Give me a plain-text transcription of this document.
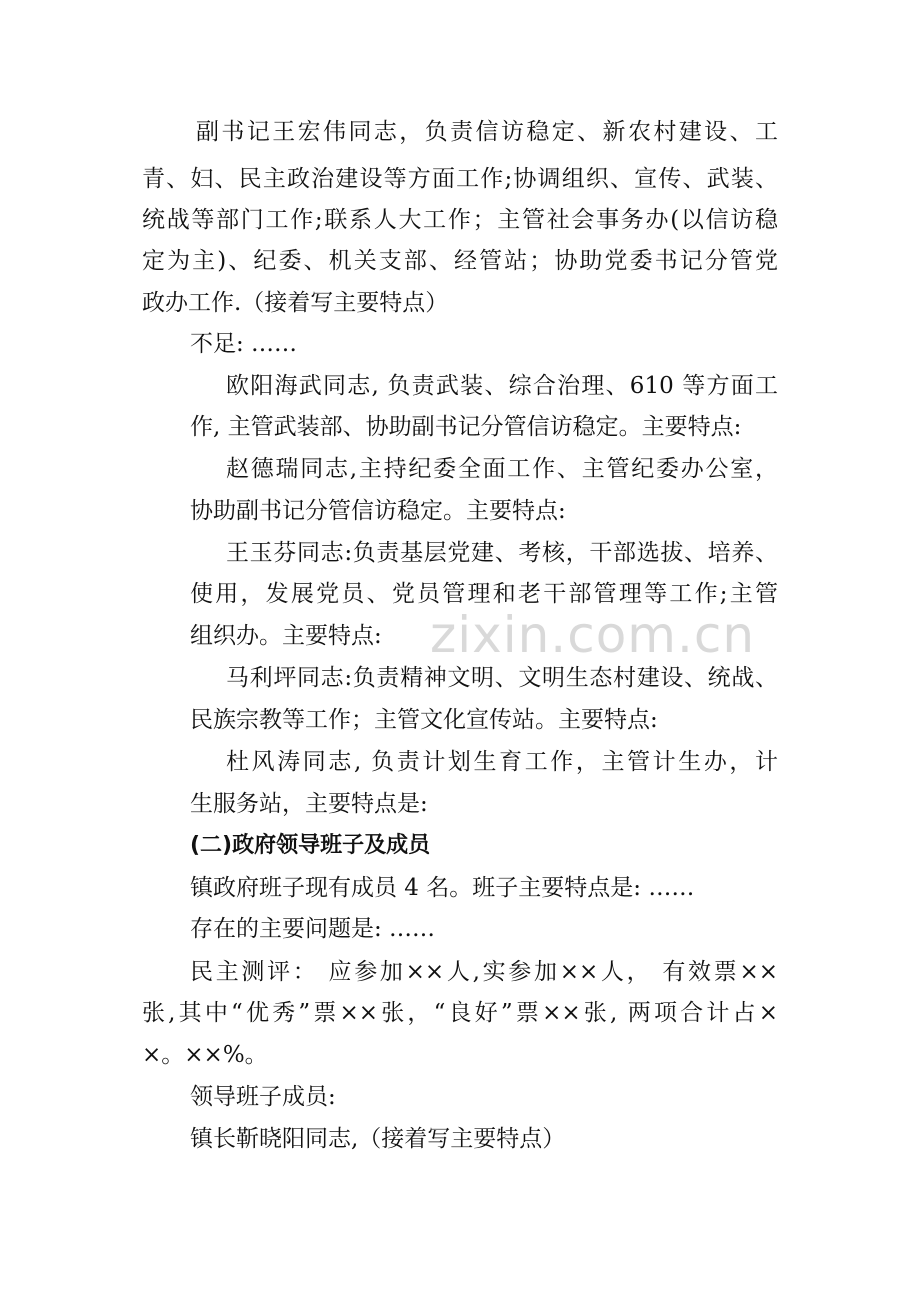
副书记王宏伟同志，负责信访稳定、新农村建设、工
青、妇、民主政治建设等方面工作;协调组织、宣传、武装、
统战等部门工作;联系人大工作；主管社会事务办(以信访稳
定为主)、纪委、机关支部、经管站；协助党委书记分管党
政办工作.（接着写主要特点）
不足: ……
欧阳海武同志, 负责武装、综合治理、610 等方面工
作, 主管武装部、协助副书记分管信访稳定。主要特点:
赵德瑞同志,主持纪委全面工作、主管纪委办公室，
协助副书记分管信访稳定。主要特点:
王玉芬同志:负责基层党建、考核，干部选拔、培养、
使用，发展党员、党员管理和老干部管理等工作;主管
组织办。主要特点:
马利坪同志:负责精神文明、文明生态村建设、统战、
民族宗教等工作；主管文化宣传站。主要特点:
杜风涛同志, 负责计划生育工作，主管计生办，计
生服务站，主要特点是:
(二)政府领导班子及成员
镇政府班子现有成员 4 名。班子主要特点是: ……
存在的主要问题是: ……
民主测评： 应参加××人,实参加××人， 有效票××
张,其中“优秀”票××张，“良好”票××张, 两项合计占×
×。××%。
领导班子成员:
镇长靳晓阳同志,（接着写主要特点）
zixin.com.cn
